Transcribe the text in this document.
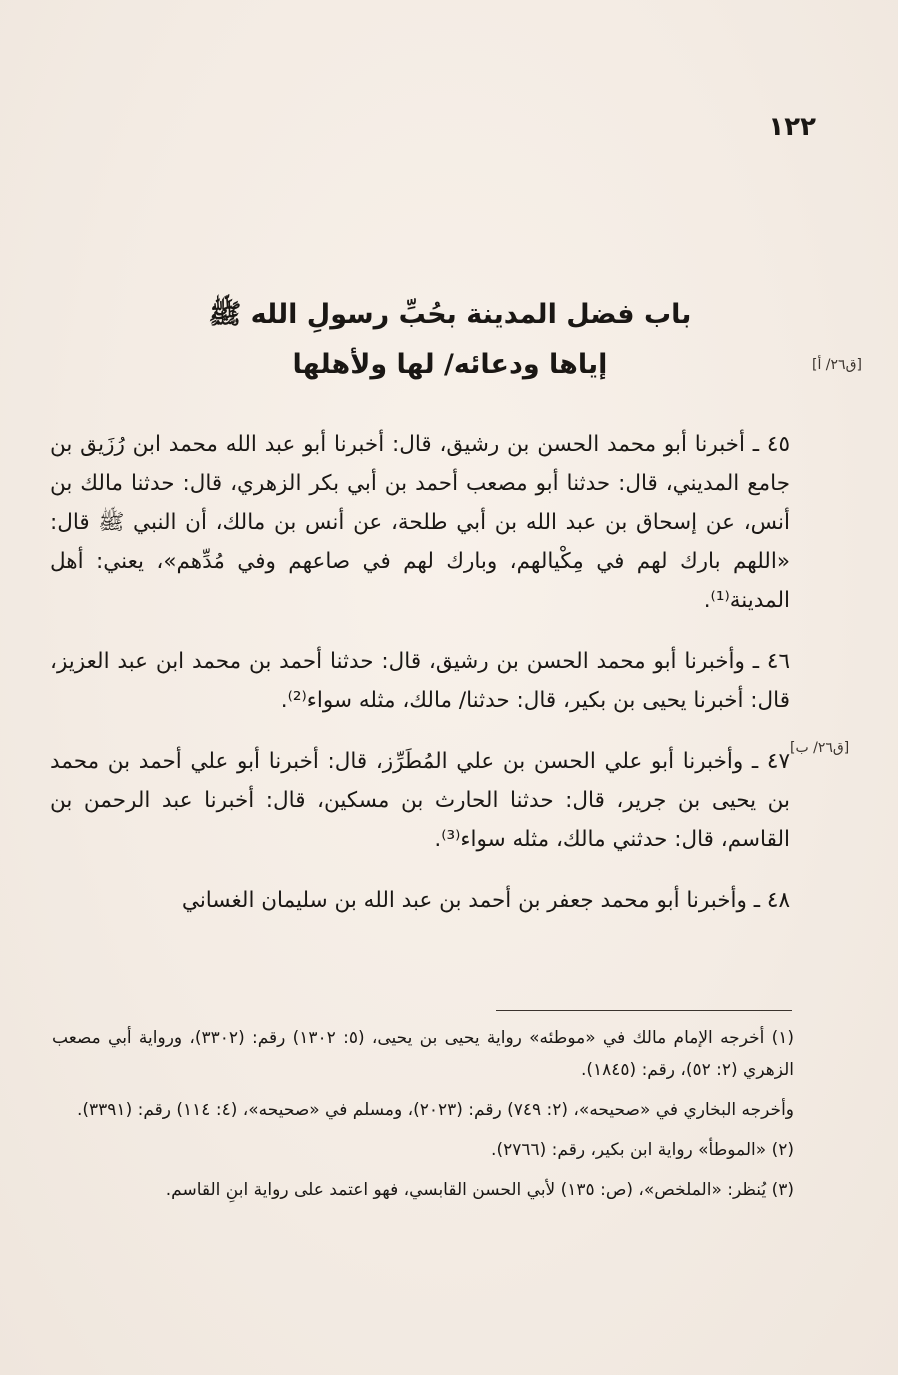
١٢٢
باب فضل المدينة بحُبِّ رسولِ الله ﷺ
إياها ودعائه/ لها ولأهلها	[ق٢٦/ أ]
[ق٢٦/ ب]

٤٥ ـ أخبرنا أبو محمد الحسن بن رشيق، قال: أخبرنا أبو عبد الله محمد ابن رُزَيق بن جامع المديني، قال: حدثنا أبو مصعب أحمد بن أبي بكر الزهري، قال: حدثنا مالك بن أنس، عن إسحاق بن عبد الله بن أبي طلحة، عن أنس بن مالك، أن النبي ﷺ قال: «اللهم بارك لهم في مِكْيالهم، وبارك لهم في صاعهم وفي مُدِّهم»، يعني: أهل المدينة⁽¹⁾.

٤٦ ـ وأخبرنا أبو محمد الحسن بن رشيق، قال: حدثنا أحمد بن محمد ابن عبد العزيز، قال: أخبرنا يحيى بن بكير، قال: حدثنا/ مالك، مثله سواء⁽²⁾.

٤٧ ـ وأخبرنا أبو علي الحسن بن علي المُطَرِّز، قال: أخبرنا أبو علي أحمد بن محمد بن يحيى بن جرير، قال: حدثنا الحارث بن مسكين، قال: أخبرنا عبد الرحمن بن القاسم، قال: حدثني مالك، مثله سواء⁽³⁾.

٤٨ ـ وأخبرنا أبو محمد جعفر بن أحمد بن عبد الله بن سليمان الغساني

(١) أخرجه الإمام مالك في «موطئه» رواية يحيى بن يحيى، (٥: ١٣٠٢) رقم: (٣٣٠٢)، ورواية أبي مصعب الزهري (٢: ٥٢)، رقم: (١٨٤٥).

وأخرجه البخاري في «صحيحه»، (٢: ٧٤٩) رقم: (٢٠٢٣)، ومسلم في «صحيحه»، (٤: ١١٤) رقم: (٣٣٩١).

(٢) «الموطأ» رواية ابن بكير، رقم: (٢٧٦٦).

(٣) يُنظر: «الملخص»، (ص: ١٣٥) لأبي الحسن القابسي، فهو اعتمد على رواية ابنِ القاسم.
